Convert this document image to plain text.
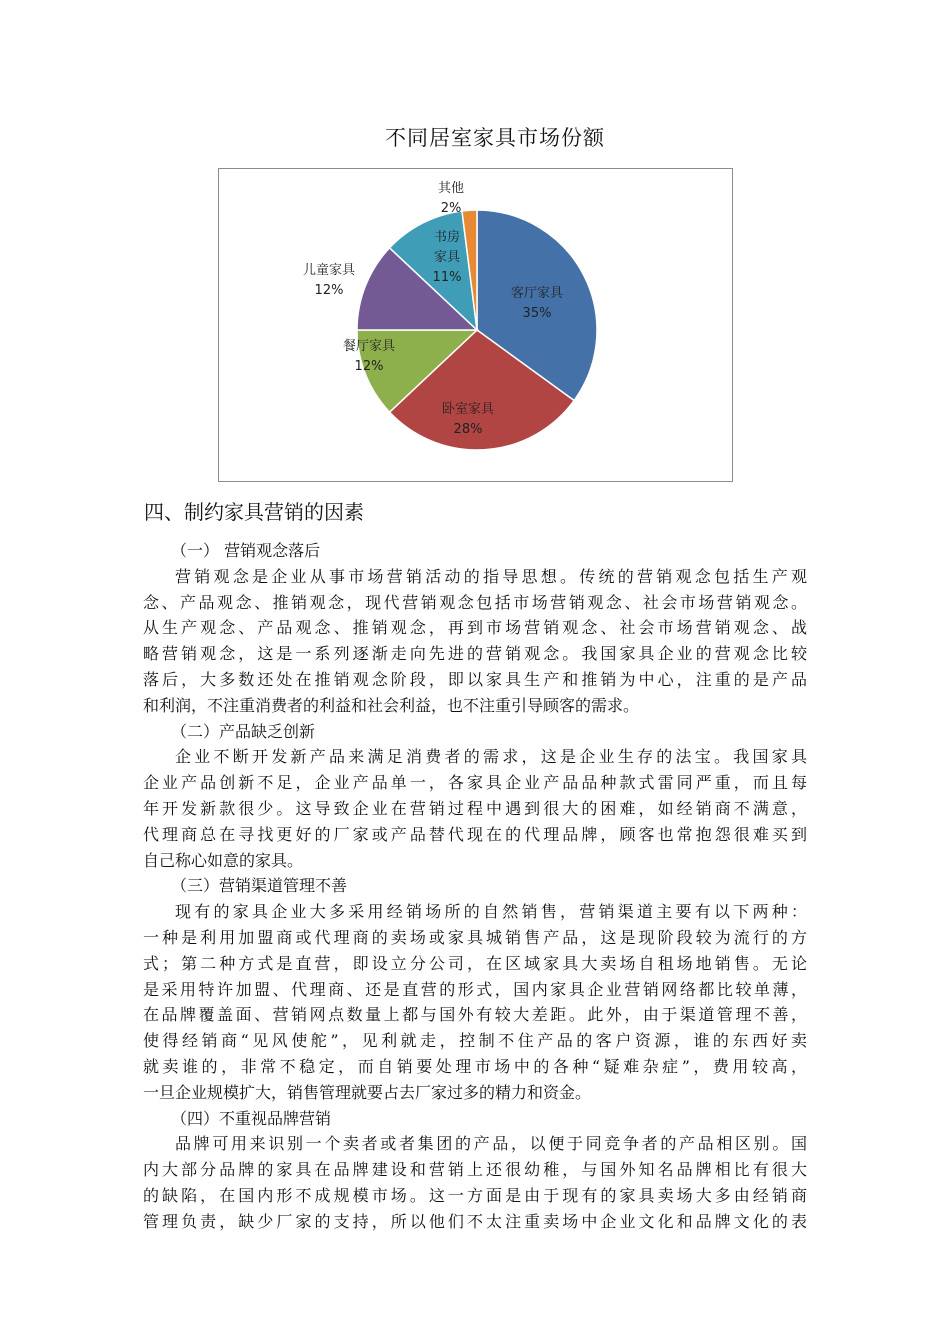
不同居室家具市场份额
客厅家具 35%
卧室家具 28%
餐厅家具 12%
儿童家具 12%
书房家具 11%
其他 2%
四、制约家具营销的因素
（一） 营销观念落后
营销观念是企业从事市场营销活动的指导思想。传统的营销观念包括生产观
念、产品观念、推销观念，现代营销观念包括市场营销观念、社会市场营销观念。
从生产观念、产品观念、推销观念，再到市场营销观念、社会市场营销观念、战
略营销观念，这是一系列逐渐走向先进的营销观念。我国家具企业的营观念比较
落后，大多数还处在推销观念阶段，即以家具生产和推销为中心，注重的是产品
和利润，不注重消费者的利益和社会利益，也不注重引导顾客的需求。
（二）产品缺乏创新
企业不断开发新产品来满足消费者的需求，这是企业生存的法宝。我国家具
企业产品创新不足，企业产品单一，各家具企业产品品种款式雷同严重，而且每
年开发新款很少。这导致企业在营销过程中遇到很大的困难，如经销商不满意，
代理商总在寻找更好的厂家或产品替代现在的代理品牌，顾客也常抱怨很难买到
自己称心如意的家具。
（三）营销渠道管理不善
现有的家具企业大多采用经销场所的自然销售，营销渠道主要有以下两种：
一种是利用加盟商或代理商的卖场或家具城销售产品，这是现阶段较为流行的方
式；第二种方式是直营，即设立分公司，在区域家具大卖场自租场地销售。无论
是采用特许加盟、代理商、还是直营的形式，国内家具企业营销网络都比较单薄，
在品牌覆盖面、营销网点数量上都与国外有较大差距。此外，由于渠道管理不善，
使得经销商“见风使舵”，见利就走，控制不住产品的客户资源，谁的东西好卖
就卖谁的，非常不稳定，而自销要处理市场中的各种“疑难杂症”，费用较高，
一旦企业规模扩大，销售管理就要占去厂家过多的精力和资金。
（四）不重视品牌营销
品牌可用来识别一个卖者或者集团的产品，以便于同竞争者的产品相区别。国
内大部分品牌的家具在品牌建设和营销上还很幼稚，与国外知名品牌相比有很大
的缺陷，在国内形不成规模市场。这一方面是由于现有的家具卖场大多由经销商
管理负责，缺少厂家的支持，所以他们不太注重卖场中企业文化和品牌文化的表
